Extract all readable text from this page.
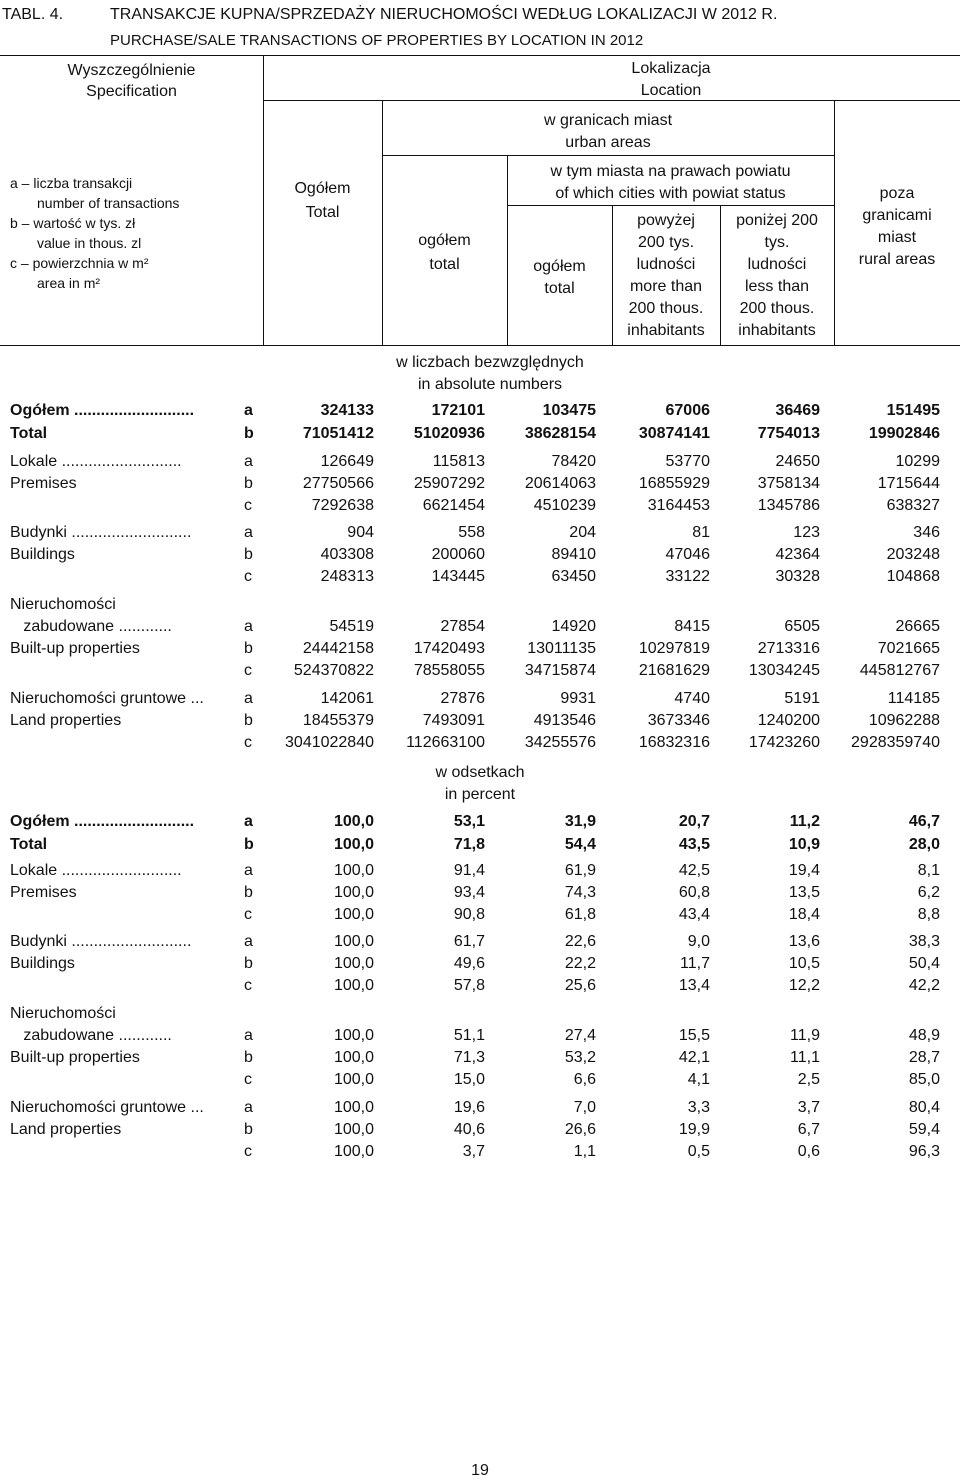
TABL. 4.	TRANSAKCJE KUPNA/SPRZEDAŻY NIERUCHOMOŚCI WEDŁUG LOKALIZACJI W 2012 R.
PURCHASE/SALE TRANSACTIONS OF PROPERTIES BY LOCATION IN 2012
Wyszczególnienie
Specification
a – liczba transakcji
number of transactions
b – wartość w tys. zł
value in thous. zl
c – powierzchnia w m²
area in m²
Ogółem
Total
Lokalizacja
Location
w granicach miast
urban areas
ogółem
total
w tym miasta na prawach powiatu
of which cities with powiat status
ogółem
total
powyżej
200 tys.
ludności
more than
200 thous.
inhabitants
poniżej 200
tys.
ludności
less than
200 thous.
inhabitants
poza
granicami
miast
rural areas
w liczbach bezwzględnych
in absolute numbers
Ogółem ...........................	a	324133	172101	103475	67006	36469	151495
Total	b	71051412 51020936 38628154	30874141	7754013	19902846
Lokale ...........................	a	126649	115813	78420	53770	24650	10299
Premises	b	27750566 25907292 20614063	16855929	3758134	1715644
c	7292638	6621454	4510239	3164453	1345786	638327
Budynki ...........................	a	904	558	204	81	123	346
Buildings	b	403308	200060	89410	47046	42364	203248
c	248313	143445	63450	33122	30328	104868
Nieruchomości
zabudowane ............	a	54519	27854	14920	8415	6505	26665
Built-up properties	b	24442158 17420493	13011135	10297819	2713316	7021665
c	524370822 78558055 34715874	21681629 13034245 445812767
Nieruchomości gruntowe ...	a	142061	27876	9931	4740	5191	114185
Land properties	b	18455379	7493091	4913546	3673346	1240200	10962288
c 3041022840 112663100 34255576	16832316 17423260 2928359740
w odsetkach
in percent
Ogółem ...........................	a	100,0	53,1	31,9	20,7	11,2	46,7
Total	b	100,0	71,8	54,4	43,5	10,9	28,0
Lokale ...........................	a	100,0	91,4	61,9	42,5	19,4	8,1
Premises	b	100,0	93,4	74,3	60,8	13,5	6,2
c	100,0	90,8	61,8	43,4	18,4	8,8
Budynki ...........................	a	100,0	61,7	22,6	9,0	13,6	38,3
Buildings	b	100,0	49,6	22,2	11,7	10,5	50,4
c	100,0	57,8	25,6	13,4	12,2	42,2
Nieruchomości
zabudowane ............	a	100,0	51,1	27,4	15,5	11,9	48,9
Built-up properties	b	100,0	71,3	53,2	42,1	11,1	28,7
c	100,0	15,0	6,6	4,1	2,5	85,0
Nieruchomości gruntowe ...	a	100,0	19,6	7,0	3,3	3,7	80,4
Land properties	b	100,0	40,6	26,6	19,9	6,7	59,4
c	100,0	3,7	1,1	0,5	0,6	96,3
19
